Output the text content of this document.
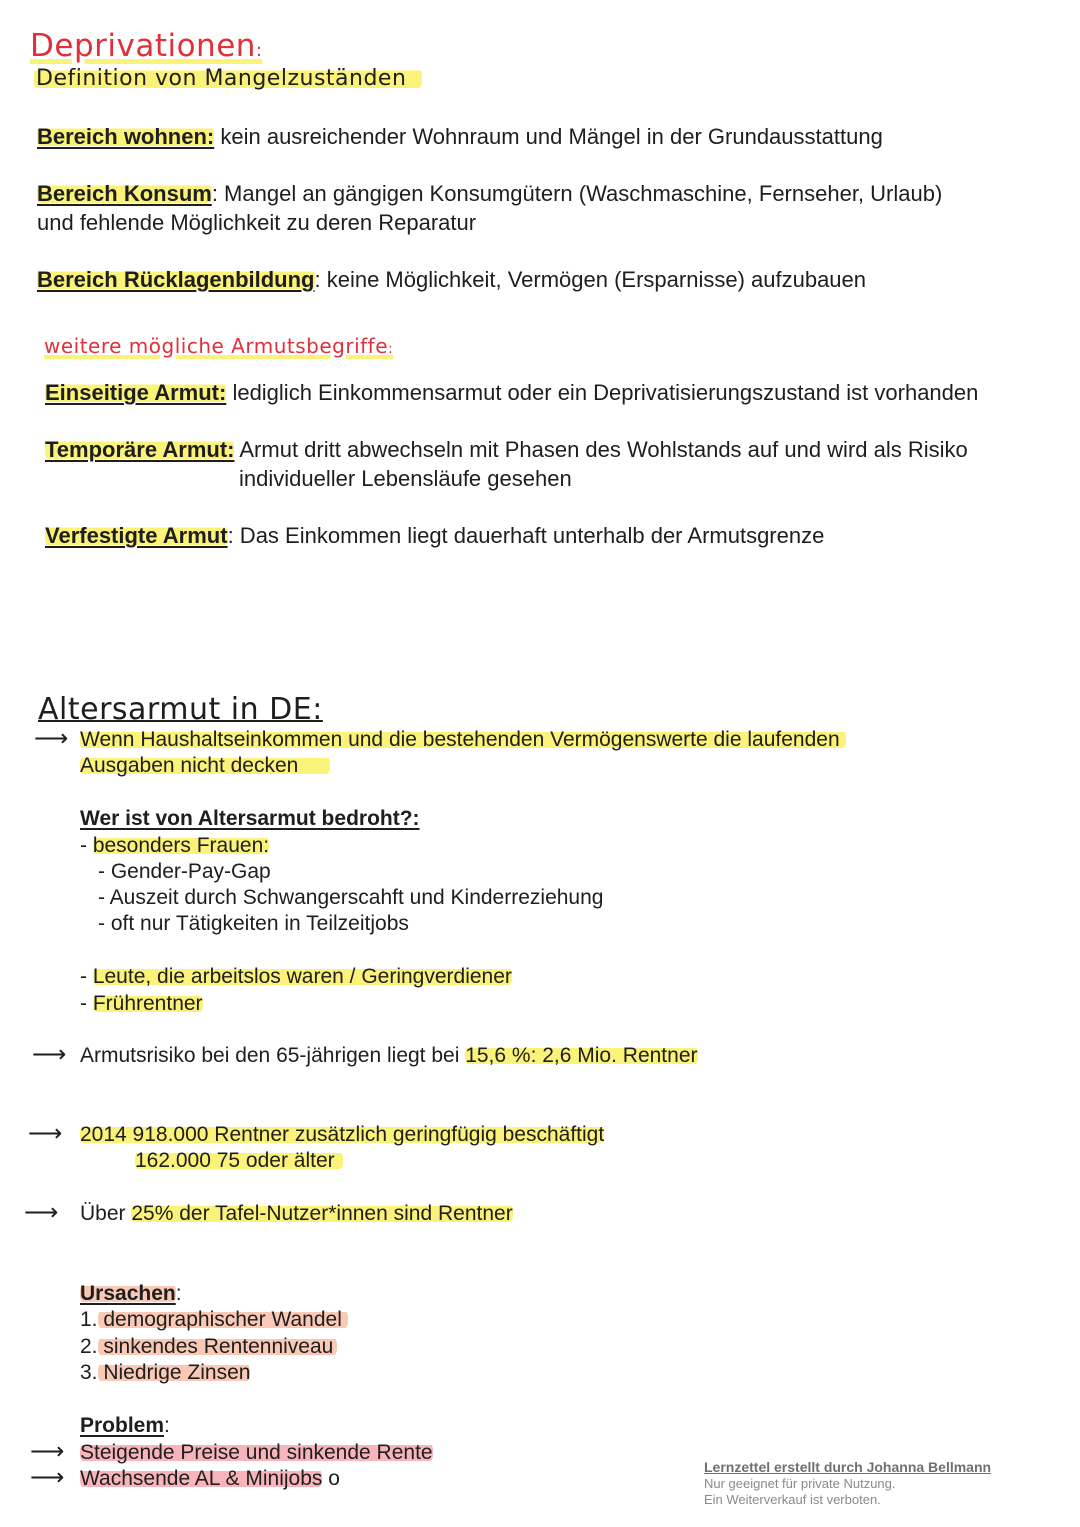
Deprivationen:
Definition von Mangelzuständen
Bereich wohnen: kein ausreichender Wohnraum und Mängel in der Grundausstattung
Bereich Konsum: Mangel an gängigen Konsumgütern (Waschmaschine, Fernseher, Urlaub)
und fehlende Möglichkeit zu deren Reparatur
Bereich Rücklagenbildung: keine Möglichkeit, Vermögen (Ersparnisse) aufzubauen
weitere mögliche Armutsbegriffe:
Einseitige Armut: lediglich Einkommensarmut oder ein Deprivatisierungszustand ist vorhanden
Temporäre Armut: Armut dritt abwechseln mit Phasen des Wohlstands auf und wird als Risiko
individueller Lebensläufe gesehen
Verfestigte Armut: Das Einkommen liegt dauerhaft unterhalb der Armutsgrenze
Altersarmut in DE:
⟶ Wenn Haushaltseinkommen und die bestehenden Vermögenswerte die laufenden
Ausgaben nicht decken
Wer ist von Altersarmut bedroht?:
- besonders Frauen:
- Gender-Pay-Gap
- Auszeit durch Schwangerscahft und Kinderreziehung
- oft nur Tätigkeiten in Teilzeitjobs
- Leute, die arbeitslos waren / Geringverdiener
- Frührentner
⟶ Armutsrisiko bei den 65-jährigen liegt bei 15,6 %: 2,6 Mio. Rentner
⟶ 2014 918.000 Rentner zusätzlich geringfügig beschäftigt
162.000 75 oder älter
⟶ Über 25% der Tafel-Nutzer*innen sind Rentner
Ursachen:
1. demographischer Wandel
2. sinkendes Rentenniveau
3. Niedrige Zinsen
Problem:
⟶ Steigende Preise und sinkende Rente
⟶ Wachsende AL & Minijobs o	Lernzettel erstellt durch Johanna Bellmann
Nur geeignet für private Nutzung.
Ein Weiterverkauf ist verboten.
